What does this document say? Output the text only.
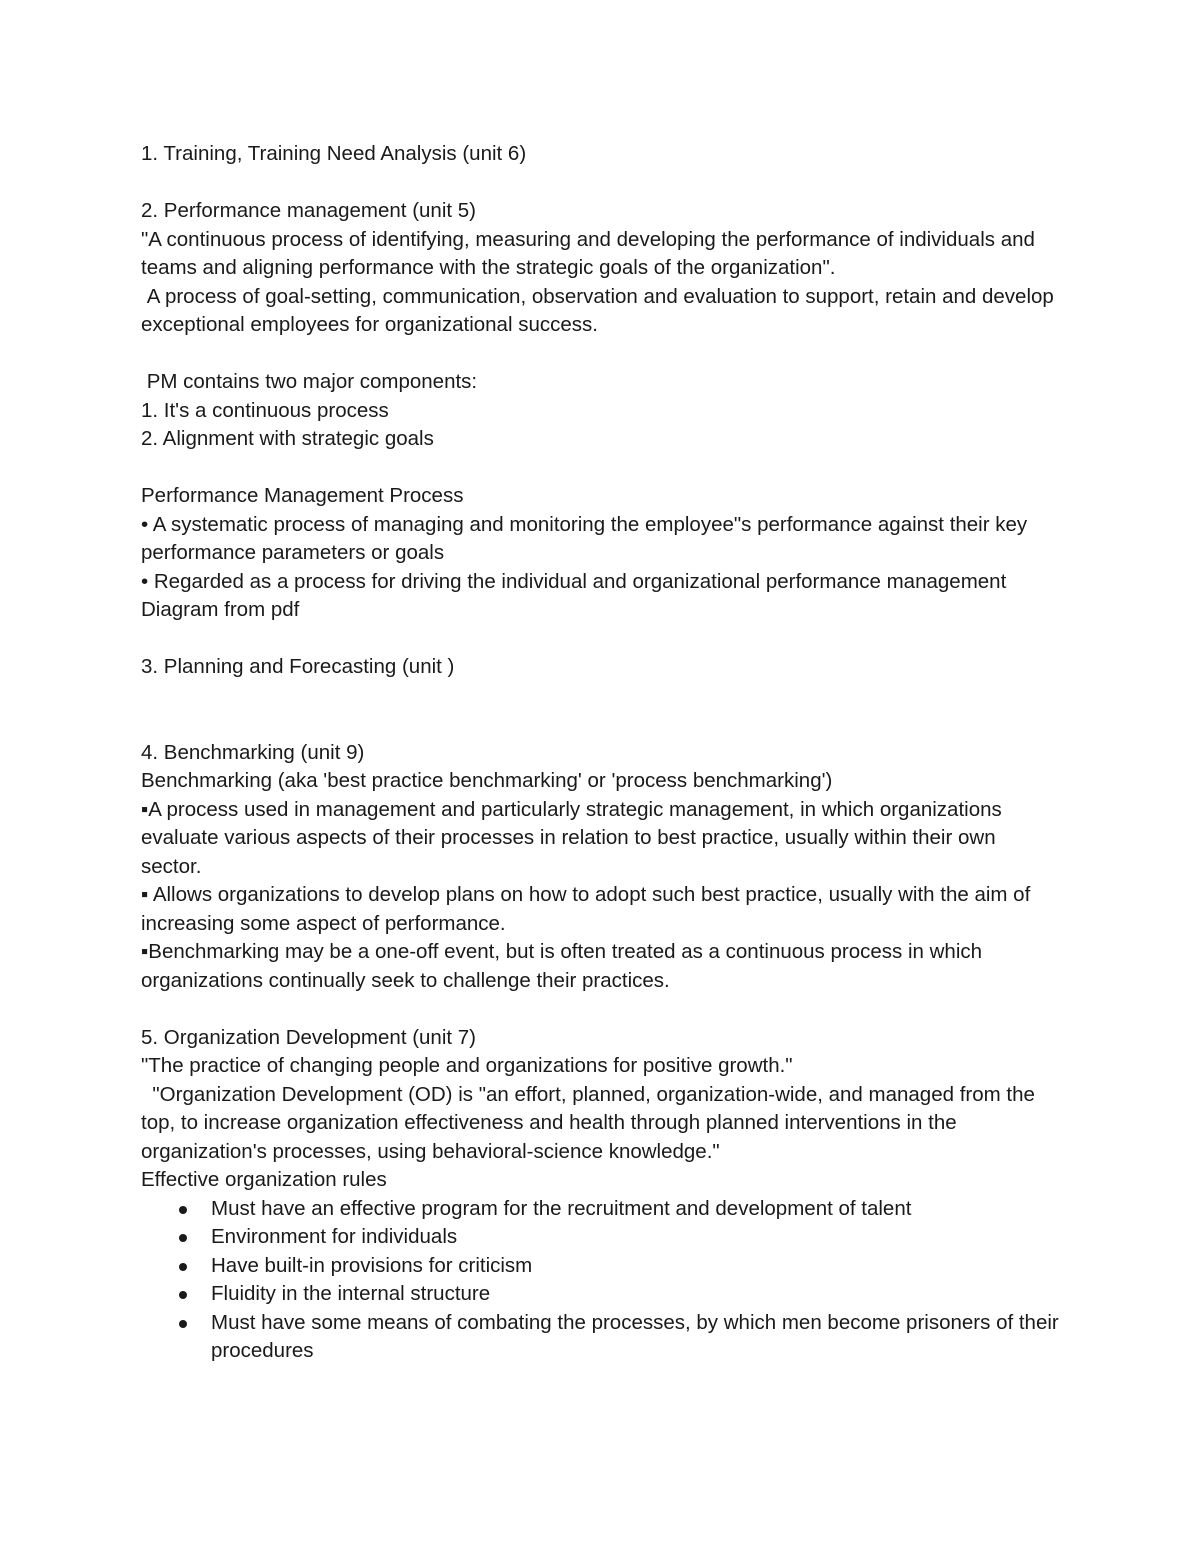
1. Training, Training Need Analysis (unit 6)

2. Performance management (unit 5)

"A continuous process of identifying, measuring and developing the performance of individuals and teams and aligning performance with the strategic goals of the organization".

A process of goal-setting, communication, observation and evaluation to support, retain and develop exceptional employees for organizational success.

PM contains two major components:

1. It's a continuous process

2. Alignment with strategic goals

Performance Management Process

• A systematic process of managing and monitoring the employee"s performance against their key performance parameters or goals

• Regarded as a process for driving the individual and organizational performance management

Diagram from pdf

3. Planning and Forecasting (unit )

4. Benchmarking (unit 9)

Benchmarking (aka 'best practice benchmarking' or 'process benchmarking')

▪A process used in management and particularly strategic management, in which organizations evaluate various aspects of their processes in relation to best practice, usually within their own sector.

▪ Allows organizations to develop plans on how to adopt such best practice, usually with the aim of increasing some aspect of performance.

▪Benchmarking may be a one-off event, but is often treated as a continuous process in which organizations continually seek to challenge their practices.

5. Organization Development (unit 7)

"The practice of changing people and organizations for positive growth."

"Organization Development (OD) is "an effort, planned, organization-wide, and managed from the top, to increase organization effectiveness and health through planned interventions in the organization's processes, using behavioral-science knowledge."

Effective organization rules

Must have an effective program for the recruitment and development of talent
Environment for individuals
Have built-in provisions for criticism
Fluidity in the internal structure
Must have some means of combating the processes, by which men become prisoners of their procedures
